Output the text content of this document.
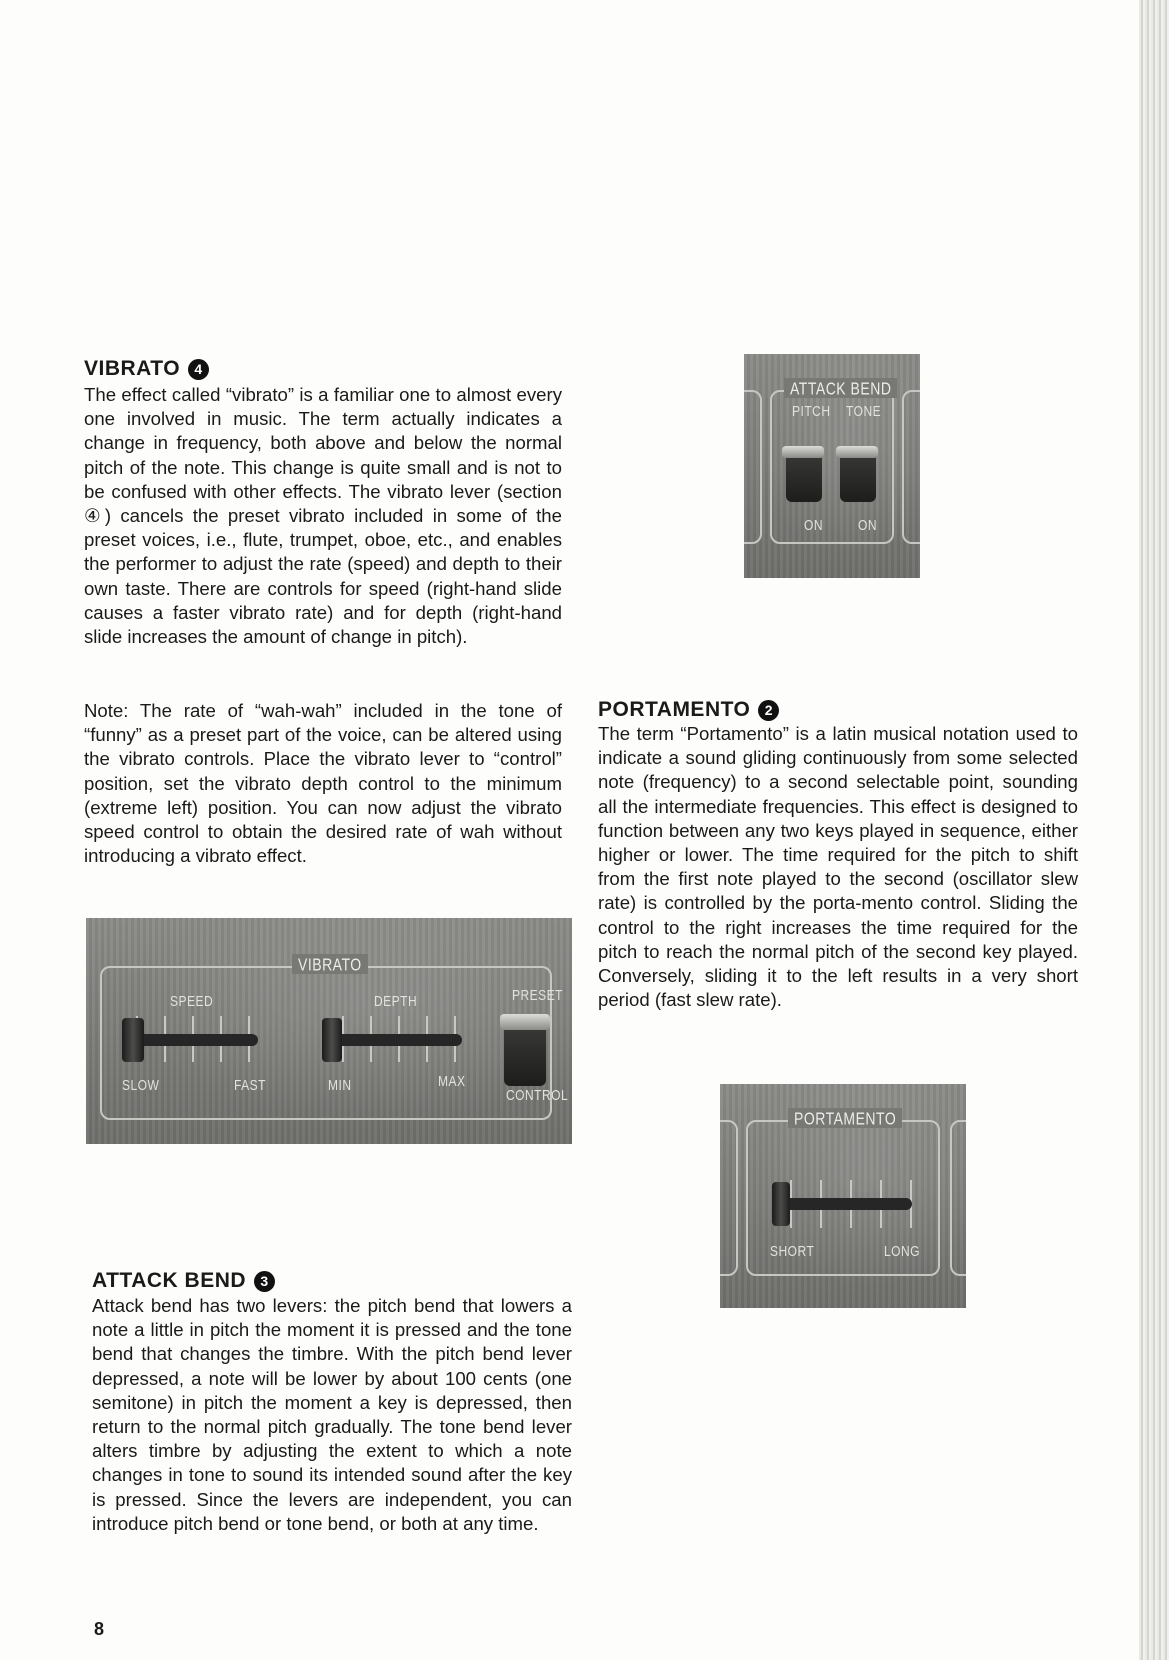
VIBRATO	4

The effect called “vibrato” is a familiar one to almost every one involved in music. The term actually indicates a change in frequency, both above and below the normal pitch of the note. This change is quite small and is not to be confused with other effects. The vibrato lever (section ④) cancels the preset vibrato included in some of the preset voices, i.e., flute, trumpet, oboe, etc., and enables the performer to adjust the rate (speed) and depth to their own taste. There are controls for speed (right-hand slide causes a faster vibrato rate) and for depth (right-hand slide increases the amount of change in pitch).

Note: The rate of “wah-wah” included in the tone of “funny” as a preset part of the voice, can be altered using the vibrato controls. Place the vibrato lever to “control” position, set the vibrato depth control to the minimum (extreme left) position. You can now adjust the vibrato speed control to obtain the desired rate of wah without introducing a vibrato effect.

VIBRATO
SPEED	DEPTH	PRESET
SLOW	FAST	MIN	MAX
CONTROL
ATTACK BEND	3

Attack bend has two levers: the pitch bend that lowers a note a little in pitch the moment it is pressed and the tone bend that changes the timbre. With the pitch bend lever depressed, a note will be lower by about 100 cents (one semitone) in pitch the moment a key is depressed, then return to the normal pitch gradually. The tone bend lever alters timbre by adjusting the extent to which a note changes in tone to sound its intended sound after the key is pressed. Since the levers are independent, you can introduce pitch bend or tone bend, or both at any time.

ATTACK BEND
PITCH TONE
ON	ON
PORTAMENTO	2

The term “Portamento” is a latin musical notation used to indicate a sound gliding continuously from some selected note (frequency) to a second selectable point, sounding all the intermediate frequencies. This effect is designed to function between any two keys played in sequence, either higher or lower. The time required for the pitch to shift from the first note played to the second (oscillator slew rate) is controlled by the porta-mento control. Sliding the control to the right increases the time required for the pitch to reach the normal pitch of the second key played. Conversely, sliding it to the left results in a very short period (fast slew rate).

PORTAMENTO
SHORT	LONG
8
